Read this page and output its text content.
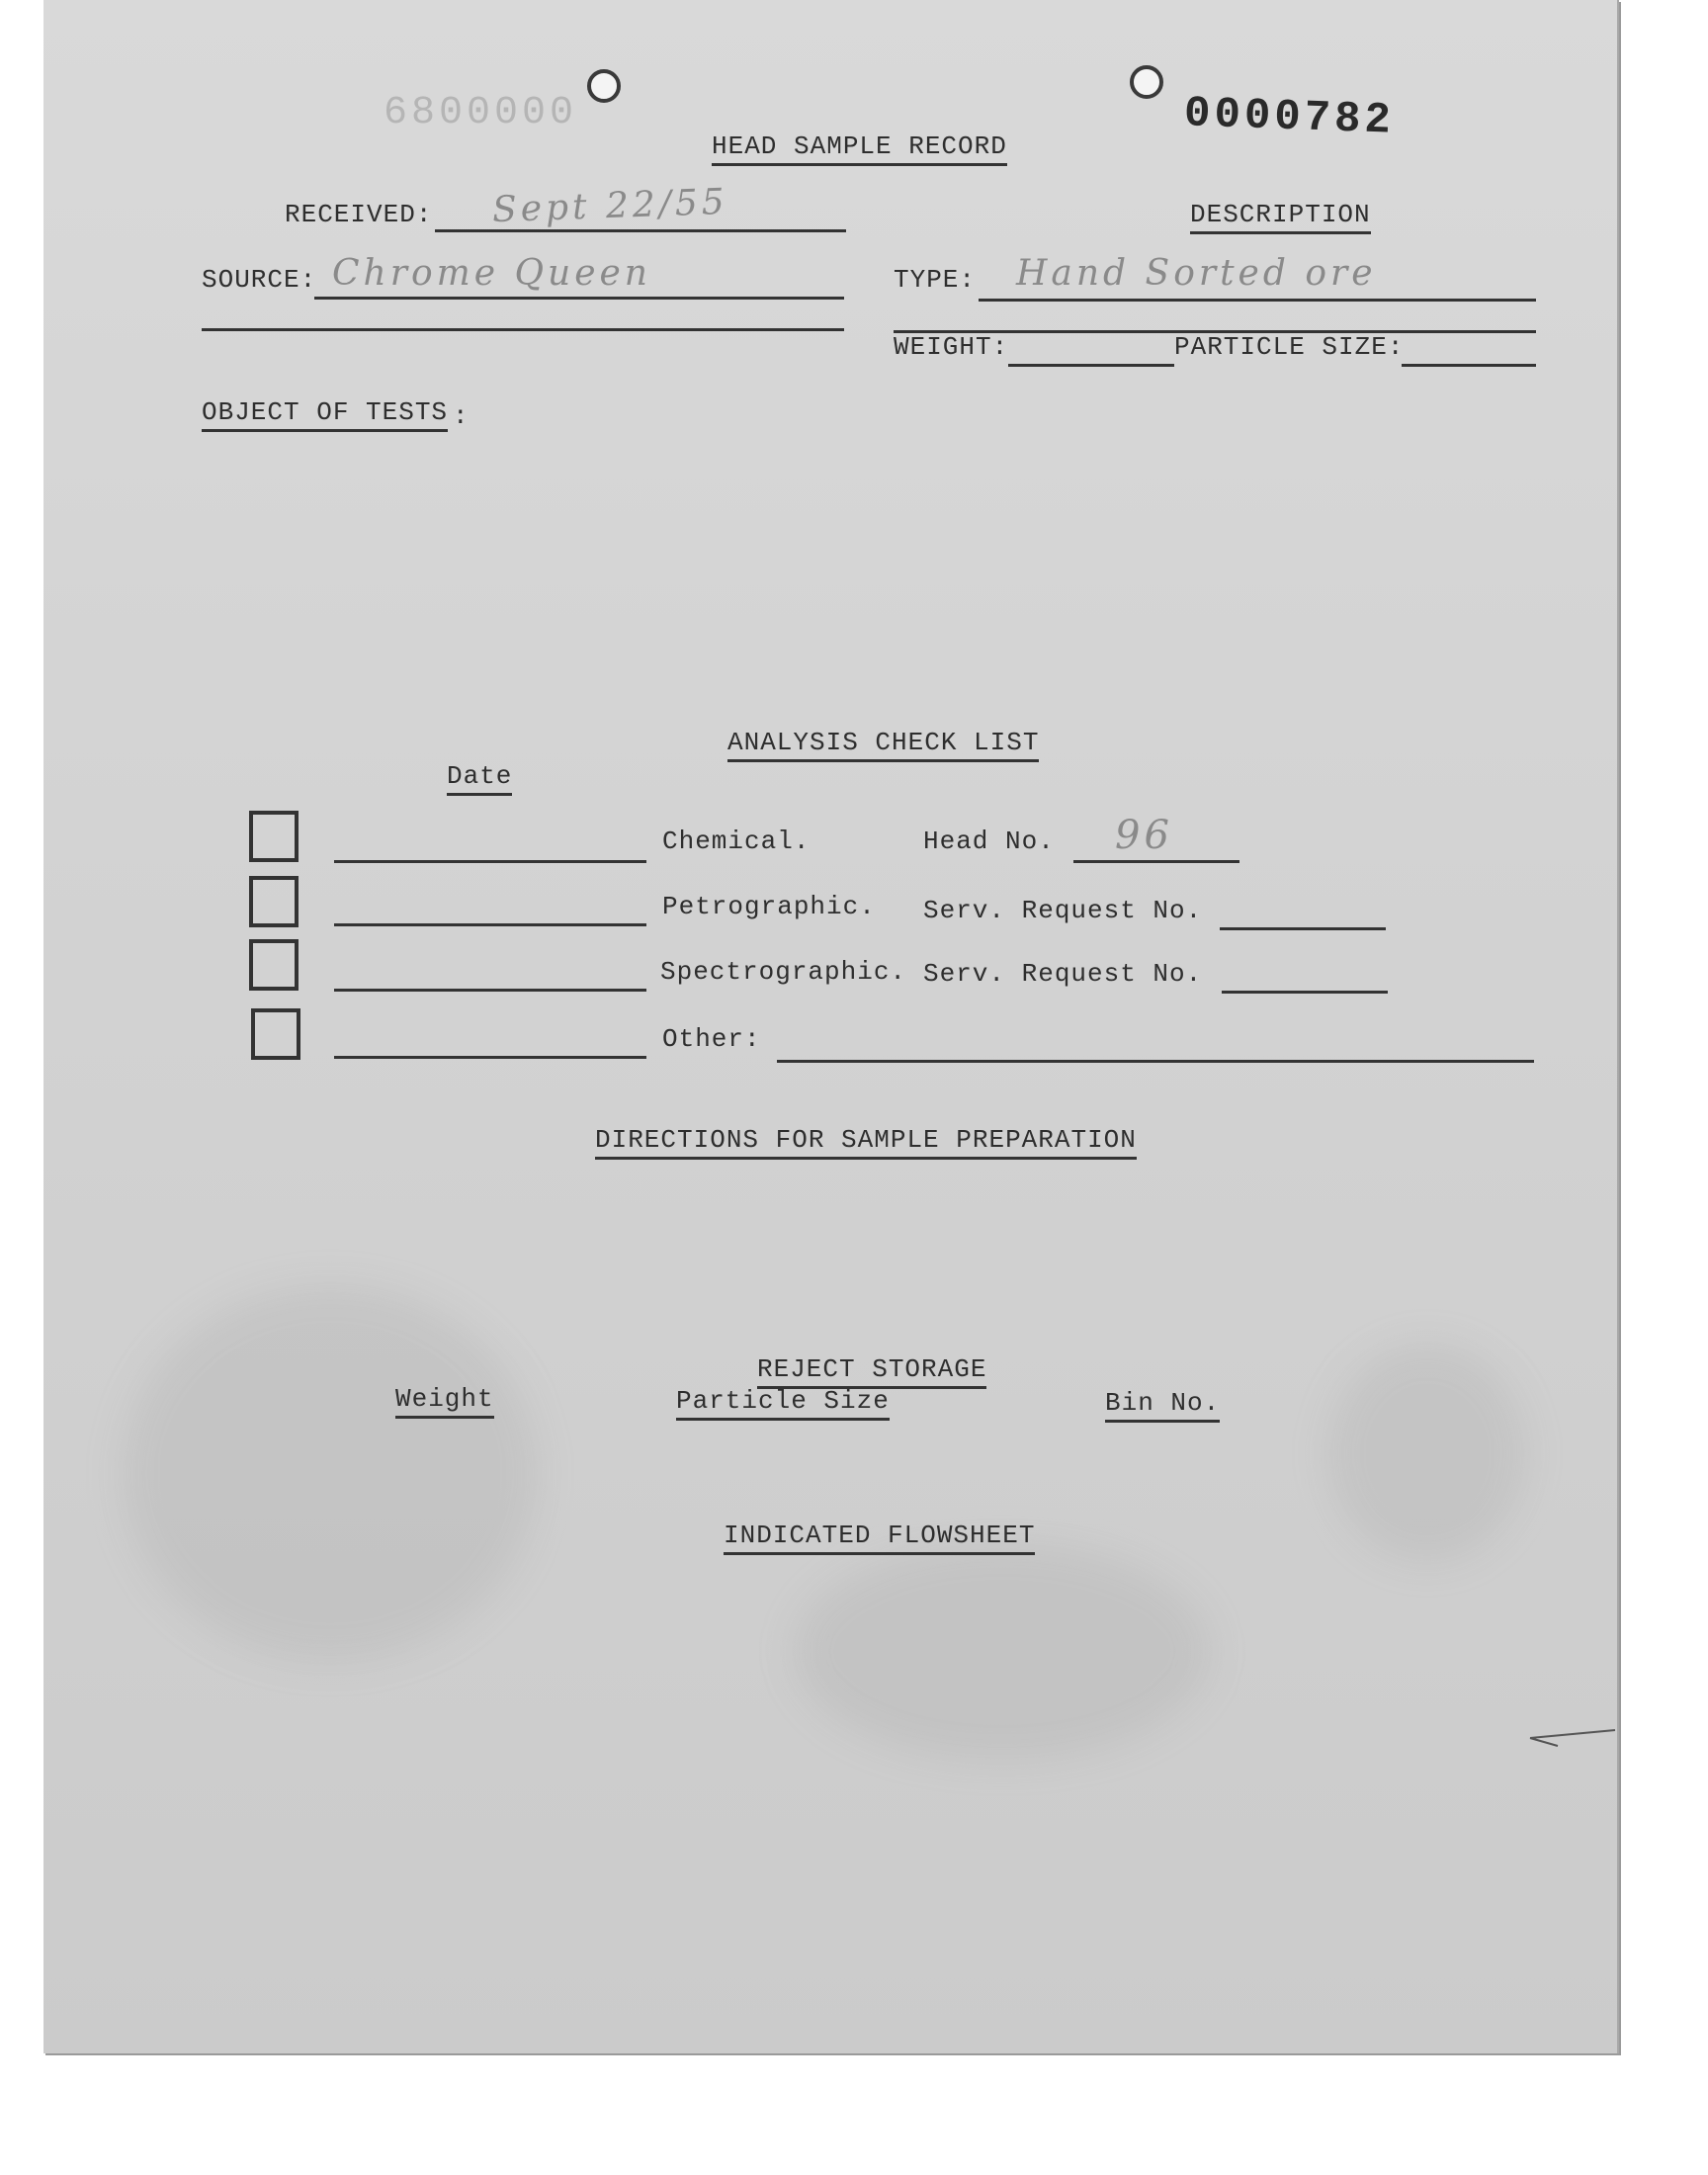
6800000	0000782
HEAD SAMPLE RECORD
RECEIVED: Sept 22/55	DESCRIPTION
SOURCE: Chrome Queen	TYPE: Hand Sorted ore
WEIGHT:	PARTICLE SIZE:
OBJECT OF TESTS :
ANALYSIS CHECK LIST
Date
Chemical.	Head No. 96
Petrographic. Serv. Request No.
Spectrographic. Serv. Request No.
Other:
DIRECTIONS FOR SAMPLE PREPARATION
REJECT STORAGE
Weight	Particle Size	Bin No.
INDICATED FLOWSHEET
